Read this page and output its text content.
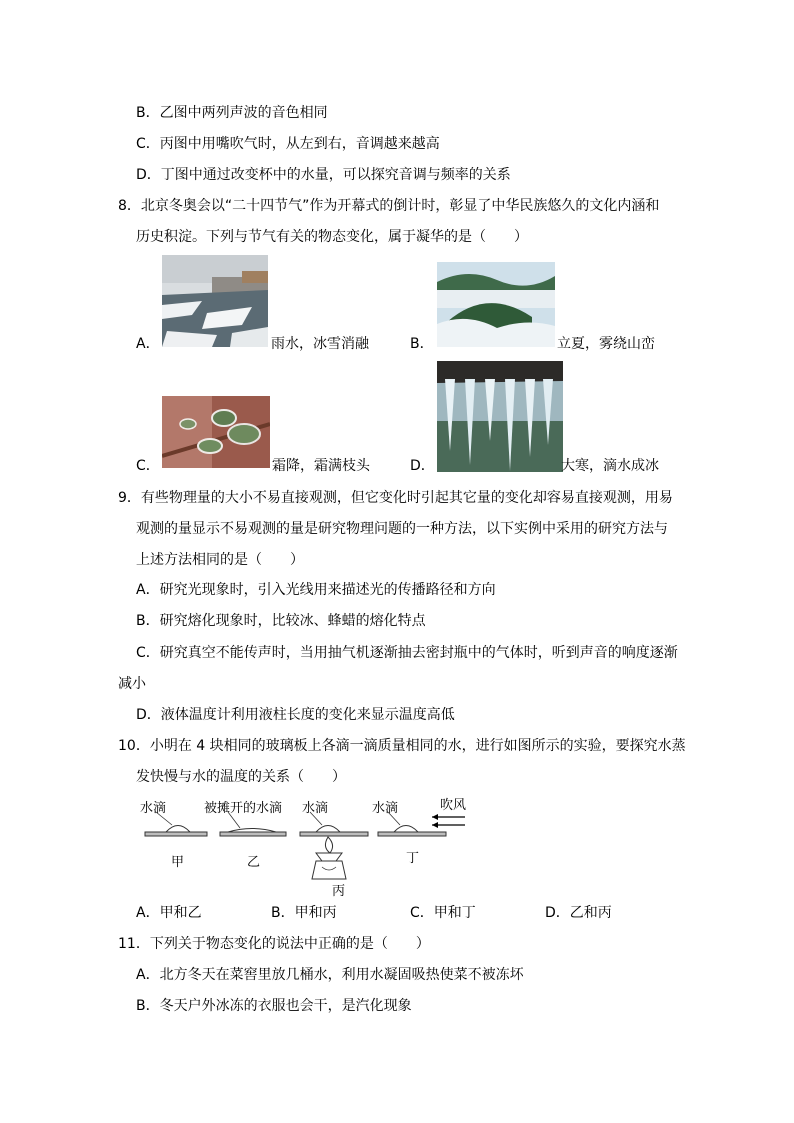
B．乙图中两列声波的音色相同
C．丙图中用嘴吹气时，从左到右，音调越来越高
D．丁图中通过改变杯中的水量，可以探究音调与频率的关系
8．北京冬奥会以“二十四节气”作为开幕式的倒计时，彰显了中华民族悠久的文化内涵和
历史积淀。下列与节气有关的物态变化，属于凝华的是（　　）
A．	雨水，冰雪消融	B．	立夏，雾绕山峦
C．	霜降，霜满枝头	D．	大寒，滴水成冰
9．有些物理量的大小不易直接观测，但它变化时引起其它量的变化却容易直接观测，用易
观测的量显示不易观测的量是研究物理问题的一种方法，以下实例中采用的研究方法与
上述方法相同的是（　　）
A．研究光现象时，引入光线用来描述光的传播路径和方向
B．研究熔化现象时，比较冰、蜂蜡的熔化特点
C．研究真空不能传声时，当用抽气机逐渐抽去密封瓶中的气体时，听到声音的响度逐渐
减小
D．液体温度计利用液柱长度的变化来显示温度高低
10．小明在 4 块相同的玻璃板上各滴一滴质量相同的水，进行如图所示的实验，要探究水蒸
发快慢与水的温度的关系（　　）
水滴	被摊开的水滴 水滴	水滴	吹风
甲	乙
丙
丁
A．甲和乙	B．甲和丙	C．甲和丁	D．乙和丙
11．下列关于物态变化的说法中正确的是（　　）
A．北方冬天在菜窖里放几桶水，利用水凝固吸热使菜不被冻坏
B．冬天户外冰冻的衣服也会干，是汽化现象
